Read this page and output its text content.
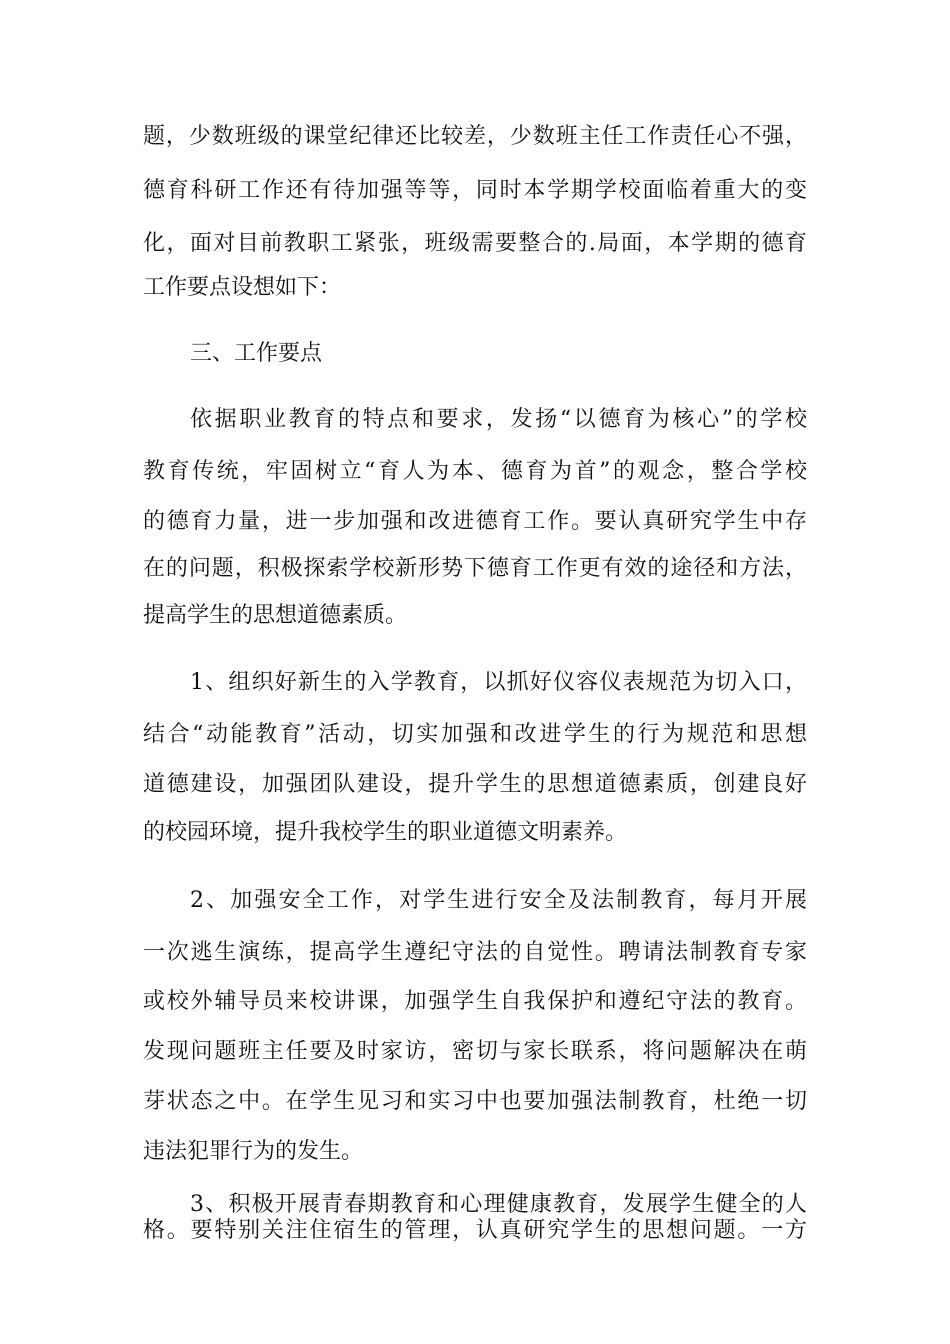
题，少数班级的课堂纪律还比较差，少数班主任工作责任心不强，
德育科研工作还有待加强等等，同时本学期学校面临着重大的变
化，面对目前教职工紧张，班级需要整合的.局面，本学期的德育
工作要点设想如下：
三、工作要点
依据职业教育的特点和要求，发扬“以德育为核心”的学校
教育传统，牢固树立“育人为本、德育为首”的观念，整合学校
的德育力量，进一步加强和改进德育工作。要认真研究学生中存
在的问题，积极探索学校新形势下德育工作更有效的途径和方法，
提高学生的思想道德素质。
1、组织好新生的入学教育，以抓好仪容仪表规范为切入口，
结合“动能教育”活动，切实加强和改进学生的行为规范和思想
道德建设，加强团队建设，提升学生的思想道德素质，创建良好
的校园环境，提升我校学生的职业道德文明素养。
2、加强安全工作，对学生进行安全及法制教育，每月开展
一次逃生演练，提高学生遵纪守法的自觉性。聘请法制教育专家
或校外辅导员来校讲课，加强学生自我保护和遵纪守法的教育。
发现问题班主任要及时家访，密切与家长联系，将问题解决在萌
芽状态之中。在学生见习和实习中也要加强法制教育，杜绝一切
违法犯罪行为的发生。
3、积极开展青春期教育和心理健康教育，发展学生健全的人
格。要特别关注住宿生的管理，认真研究学生的思想问题。一方
